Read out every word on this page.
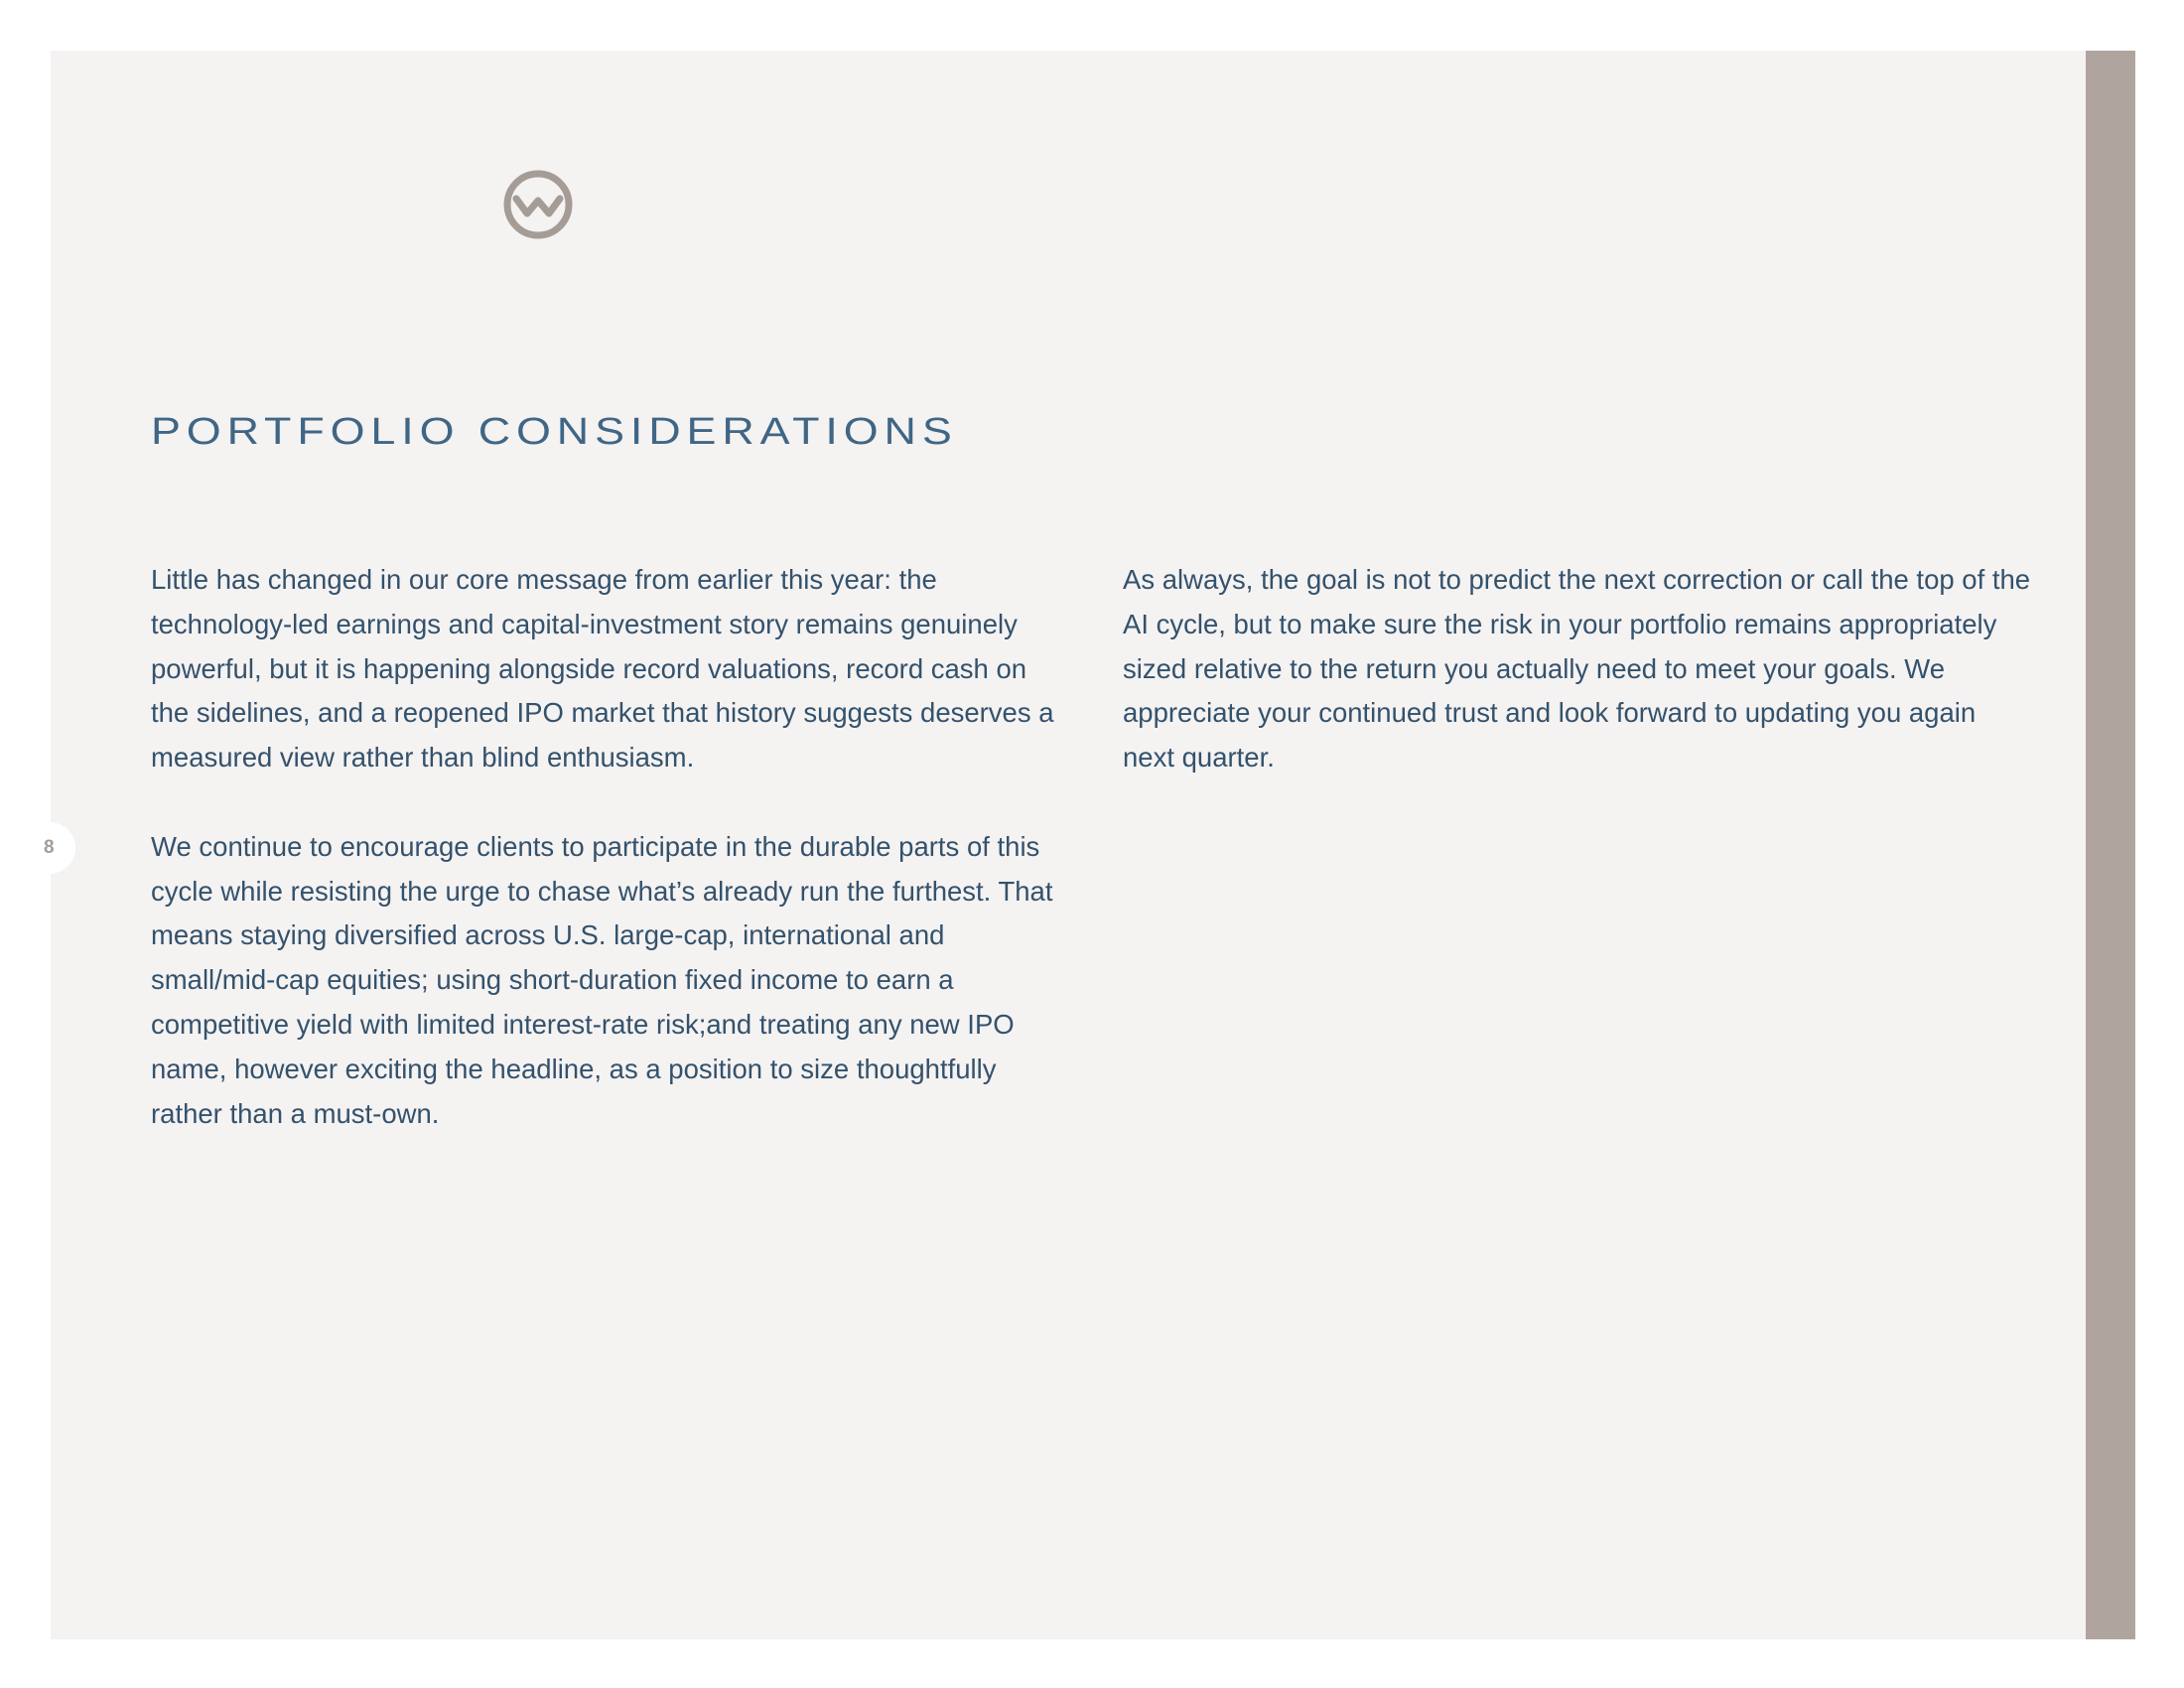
8
PORTFOLIO CONSIDERATIONS

Little has changed in our core message from earlier this year: the technology-led earnings and capital-investment story remains genuinely powerful, but it is happening alongside record valuations, record cash on the sidelines, and a reopened IPO market that history suggests deserves a measured view rather than blind enthusiasm.

We continue to encourage clients to participate in the durable parts of this cycle while resisting the urge to chase what’s already run the furthest. That means staying diversified across U.S. large-cap, international and small/mid-cap equities; using short-duration fixed income to earn a competitive yield with limited interest-rate risk;and treating any new IPO name, however exciting the headline, as a position to size thoughtfully rather than a must-own.

As always, the goal is not to predict the next correction or call the top of the AI cycle, but to make sure the risk in your portfolio remains appropriately sized relative to the return you actually need to meet your goals. We appreciate your continued trust and look forward to updating you again next quarter.
